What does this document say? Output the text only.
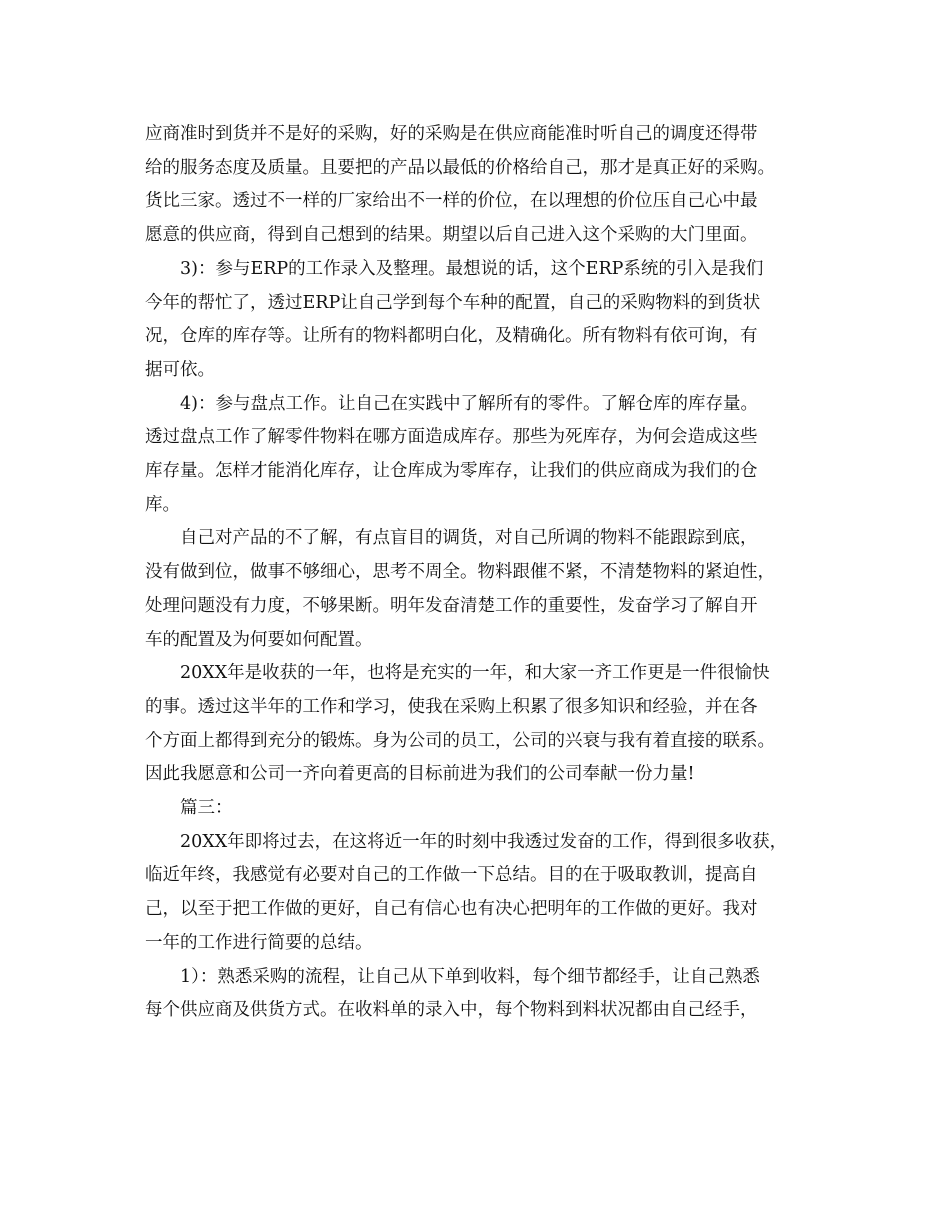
应商准时到货并不是好的采购，好的采购是在供应商能准时听自己的调度还得带
给的服务态度及质量。且要把的产品以最低的价格给自己，那才是真正好的采购。
货比三家。透过不一样的厂家给出不一样的价位，在以理想的价位压自己心中最
愿意的供应商，得到自己想到的结果。期望以后自己进入这个采购的大门里面。
3)：参与ERP的工作录入及整理。最想说的话，这个ERP系统的引入是我们
今年的帮忙了，透过ERP让自己学到每个车种的配置，自己的采购物料的到货状
况，仓库的库存等。让所有的物料都明白化，及精确化。所有物料有依可询，有
据可依。
4)：参与盘点工作。让自己在实践中了解所有的零件。了解仓库的库存量。
透过盘点工作了解零件物料在哪方面造成库存。那些为死库存，为何会造成这些
库存量。怎样才能消化库存，让仓库成为零库存，让我们的供应商成为我们的仓
库。
自己对产品的不了解，有点盲目的调货，对自己所调的物料不能跟踪到底，
没有做到位，做事不够细心，思考不周全。物料跟催不紧，不清楚物料的紧迫性，
处理问题没有力度，不够果断。明年发奋清楚工作的重要性，发奋学习了解自开
车的配置及为何要如何配置。
20XX年是收获的一年，也将是充实的一年，和大家一齐工作更是一件很愉快
的事。透过这半年的工作和学习，使我在采购上积累了很多知识和经验，并在各
个方面上都得到充分的锻炼。身为公司的员工，公司的兴衰与我有着直接的联系。
因此我愿意和公司一齐向着更高的目标前进为我们的公司奉献一份力量!
篇三：
20XX年即将过去，在这将近一年的时刻中我透过发奋的工作，得到很多收获，
临近年终，我感觉有必要对自己的工作做一下总结。目的在于吸取教训，提高自
己，以至于把工作做的更好，自己有信心也有决心把明年的工作做的更好。我对
一年的工作进行简要的总结。
1）：熟悉采购的流程，让自己从下单到收料，每个细节都经手，让自己熟悉
每个供应商及供货方式。在收料单的录入中，每个物料到料状况都由自己经手，
